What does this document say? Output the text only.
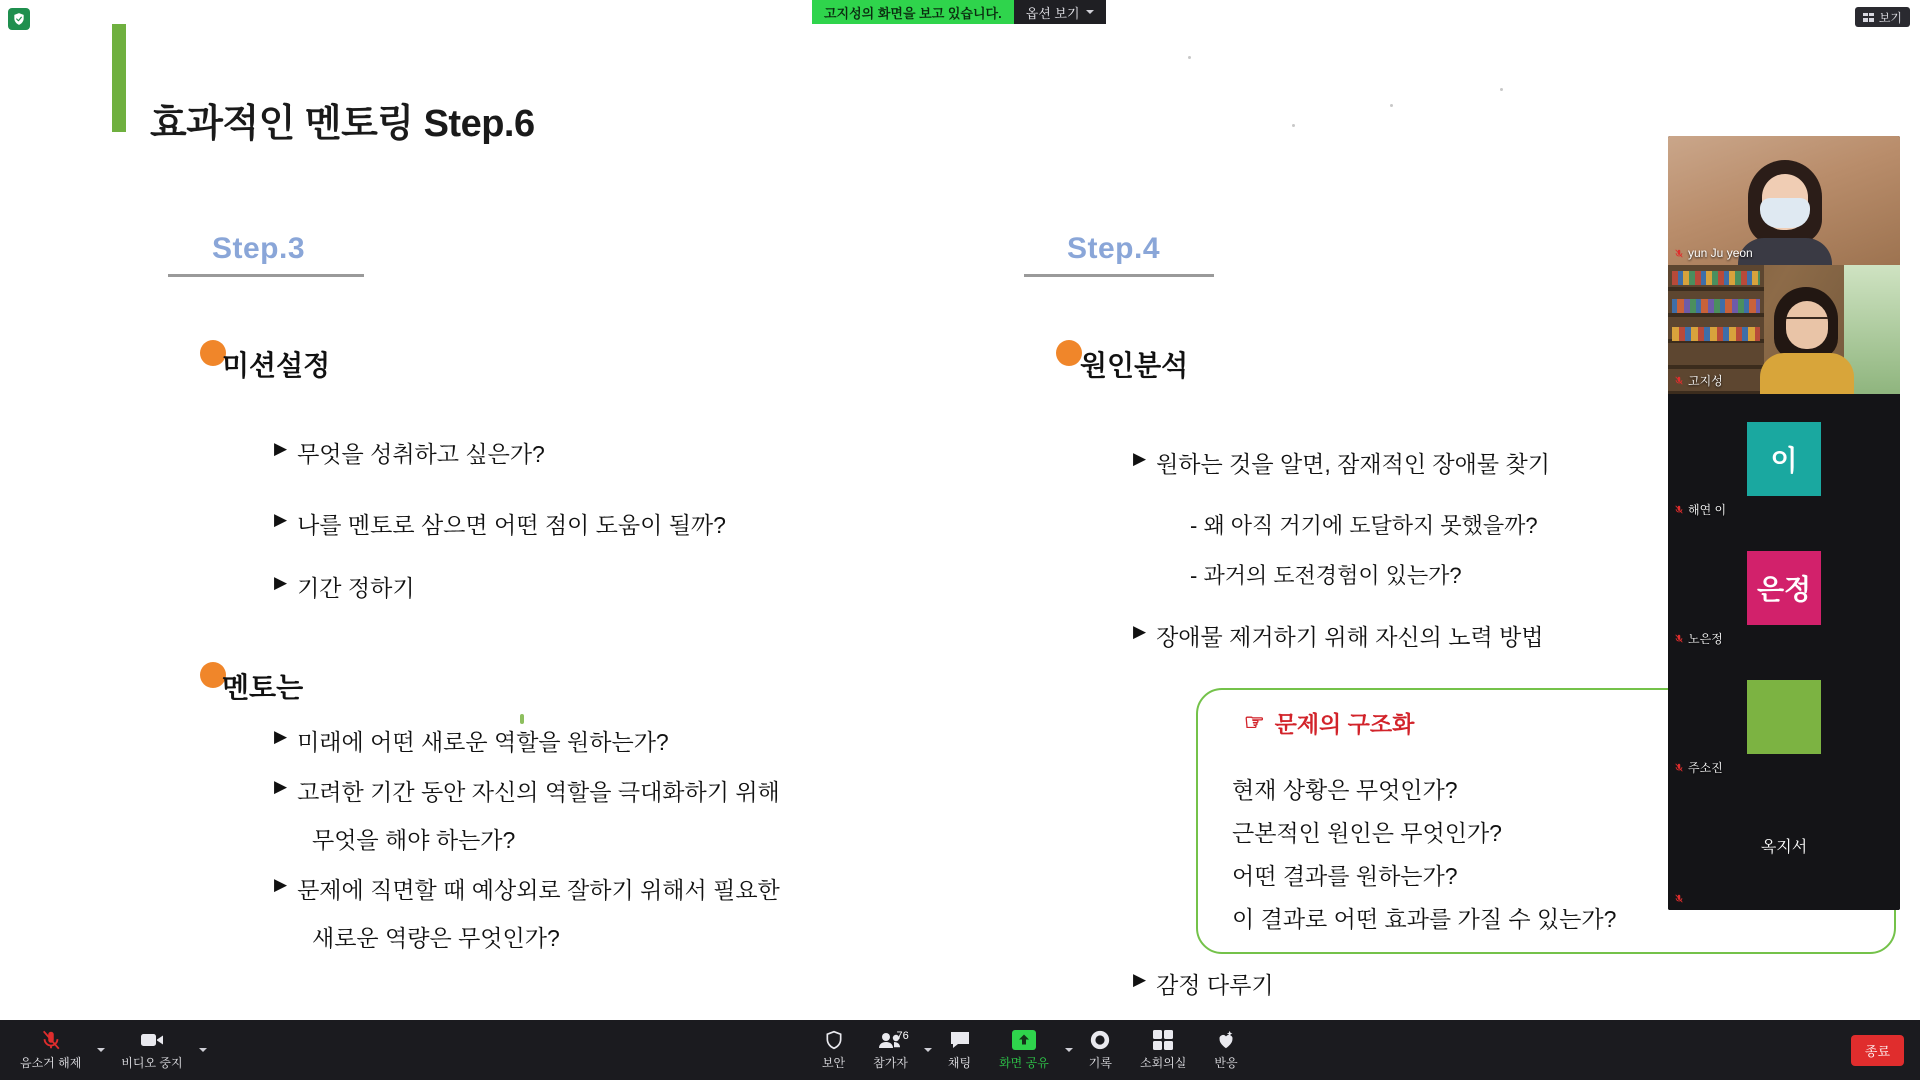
고지성의 화면을 보고 있습니다.	옵션 보기	보기
효과적인 멘토링 Step.6
Step.3
미션설정
▶ 무엇을 성취하고 싶은가?
▶ 나를 멘토로 삼으면 어떤 점이 도움이 될까?
▶ 기간 정하기
멘토는
▶ 미래에 어떤 새로운 역할을 원하는가?
▶ 고려한 기간 동안 자신의 역할을 극대화하기 위해
무엇을 해야 하는가?
▶ 문제에 직면할 때 예상외로 잘하기 위해서 필요한
새로운 역량은 무엇인가?
Step.4
원인분석
▶ 원하는 것을 알면, 잠재적인 장애물 찾기
- 왜 아직 거기에 도달하지 못했을까?
- 과거의 도전경험이 있는가?
▶ 장애물 제거하기 위해 자신의 노력 방법
☞ 문제의 구조화
현재 상황은 무엇인가?
근본적인 원인은 무엇인가?
어떤 결과를 원하는가?
이 결과로 어떤 효과를 가질 수 있는가?
▶ 감정 다루기
yun Ju yeon
고지성
이
해연 이
은정
노은정
주소진
옥지서
음소거 해제	비디오 중지	보안
76
참가자	채팅 화면 공유	기록 소회의실 반응
종료
